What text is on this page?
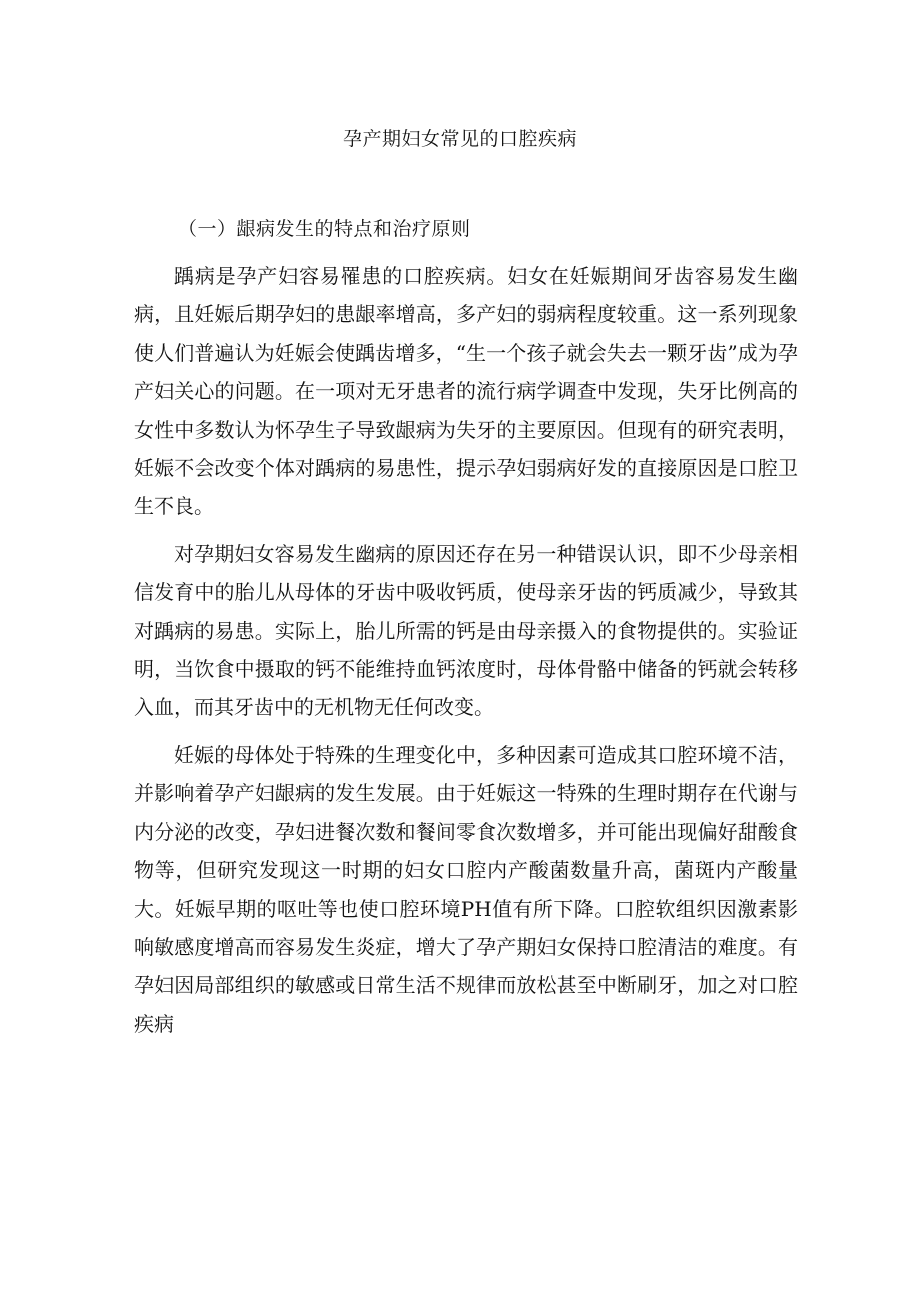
孕产期妇女常见的口腔疾病
（一）龈病发生的特点和治疗原则

踽病是孕产妇容易罹患的口腔疾病。妇女在妊娠期间牙齿容易发生幽病，且妊娠后期孕妇的患龈率增高，多产妇的弱病程度较重。这一系列现象使人们普遍认为妊娠会使踽齿增多，“生一个孩子就会失去一颗牙齿”成为孕产妇关心的问题。在一项对无牙患者的流行病学调查中发现，失牙比例高的女性中多数认为怀孕生子导致龈病为失牙的主要原因。但现有的研究表明，妊娠不会改变个体对踽病的易患性，提示孕妇弱病好发的直接原因是口腔卫生不良。

对孕期妇女容易发生幽病的原因还存在另一种错误认识，即不少母亲相信发育中的胎儿从母体的牙齿中吸收钙质，使母亲牙齿的钙质减少，导致其对踽病的易患。实际上，胎儿所需的钙是由母亲摄入的食物提供的。实验证明，当饮食中摄取的钙不能维持血钙浓度时，母体骨骼中储备的钙就会转移入血，而其牙齿中的无机物无任何改变。

妊娠的母体处于特殊的生理变化中，多种因素可造成其口腔环境不洁，并影响着孕产妇龈病的发生发展。由于妊娠这一特殊的生理时期存在代谢与内分泌的改变，孕妇进餐次数和餐间零食次数增多，并可能出现偏好甜酸食物等，但研究发现这一时期的妇女口腔内产酸菌数量升高，菌斑内产酸量大。妊娠早期的呕吐等也使口腔环境PH值有所下降。口腔软组织因激素影响敏感度增高而容易发生炎症，增大了孕产期妇女保持口腔清洁的难度。有孕妇因局部组织的敏感或日常生活不规律而放松甚至中断刷牙，加之对口腔疾病
